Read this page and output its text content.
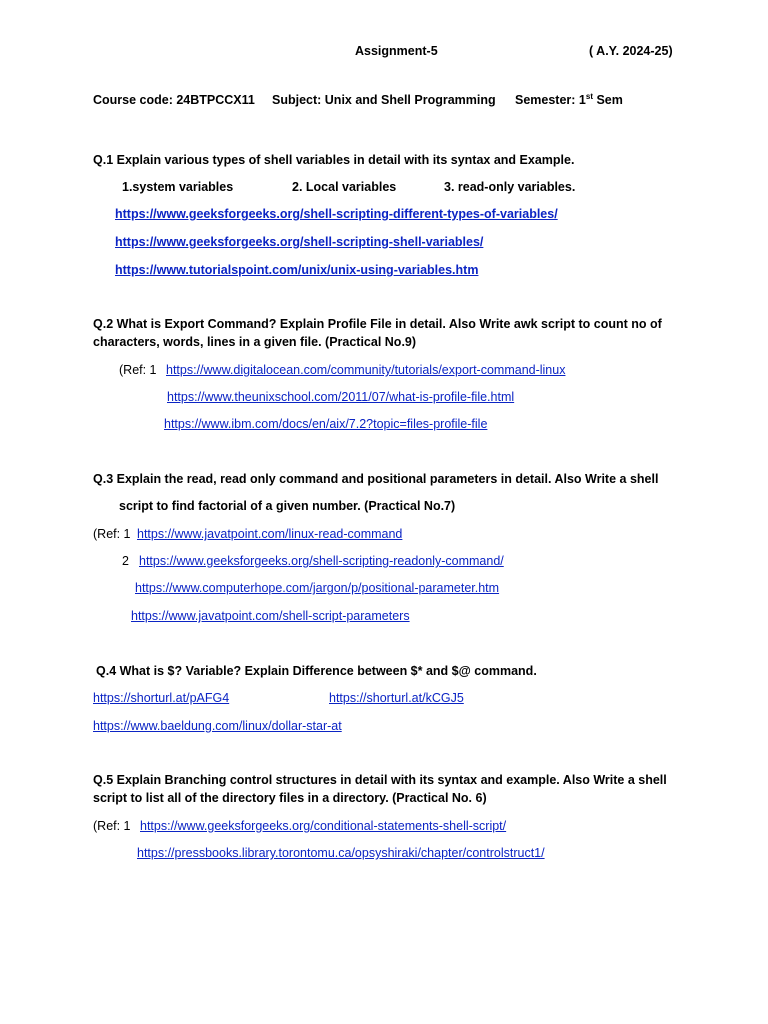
Assignment-5	( A.Y. 2024-25)
Course code: 24BTPCCX11 Subject: Unix and Shell Programming Semester: 1st Sem
Q.1 Explain various types of shell variables in detail with its syntax and Example.
1.system variables	2. Local variables	3. read-only variables.
https://www.geeksforgeeks.org/shell-scripting-different-types-of-variables/
https://www.geeksforgeeks.org/shell-scripting-shell-variables/
https://www.tutorialspoint.com/unix/unix-using-variables.htm
Q.2 What is Export Command? Explain Profile File in detail. Also Write awk script to count no of
characters, words, lines in a given file. (Practical No.9)
(Ref: 1 https://www.digitalocean.com/community/tutorials/export-command-linux
https://www.theunixschool.com/2011/07/what-is-profile-file.html
https://www.ibm.com/docs/en/aix/7.2?topic=files-profile-file
Q.3 Explain the read, read only command and positional parameters in detail. Also Write a shell
script to find factorial of a given number. (Practical No.7)
(Ref: 1 https://www.javatpoint.com/linux-read-command
2 https://www.geeksforgeeks.org/shell-scripting-readonly-command/
https://www.computerhope.com/jargon/p/positional-parameter.htm
https://www.javatpoint.com/shell-script-parameters
Q.4 What is $? Variable? Explain Difference between $* and $@ command.
https://shorturl.at/pAFG4	https://shorturl.at/kCGJ5
https://www.baeldung.com/linux/dollar-star-at
Q.5 Explain Branching control structures in detail with its syntax and example. Also Write a shell
script to list all of the directory files in a directory. (Practical No. 6)
(Ref: 1 https://www.geeksforgeeks.org/conditional-statements-shell-script/
https://pressbooks.library.torontomu.ca/opsyshiraki/chapter/controlstruct1/
